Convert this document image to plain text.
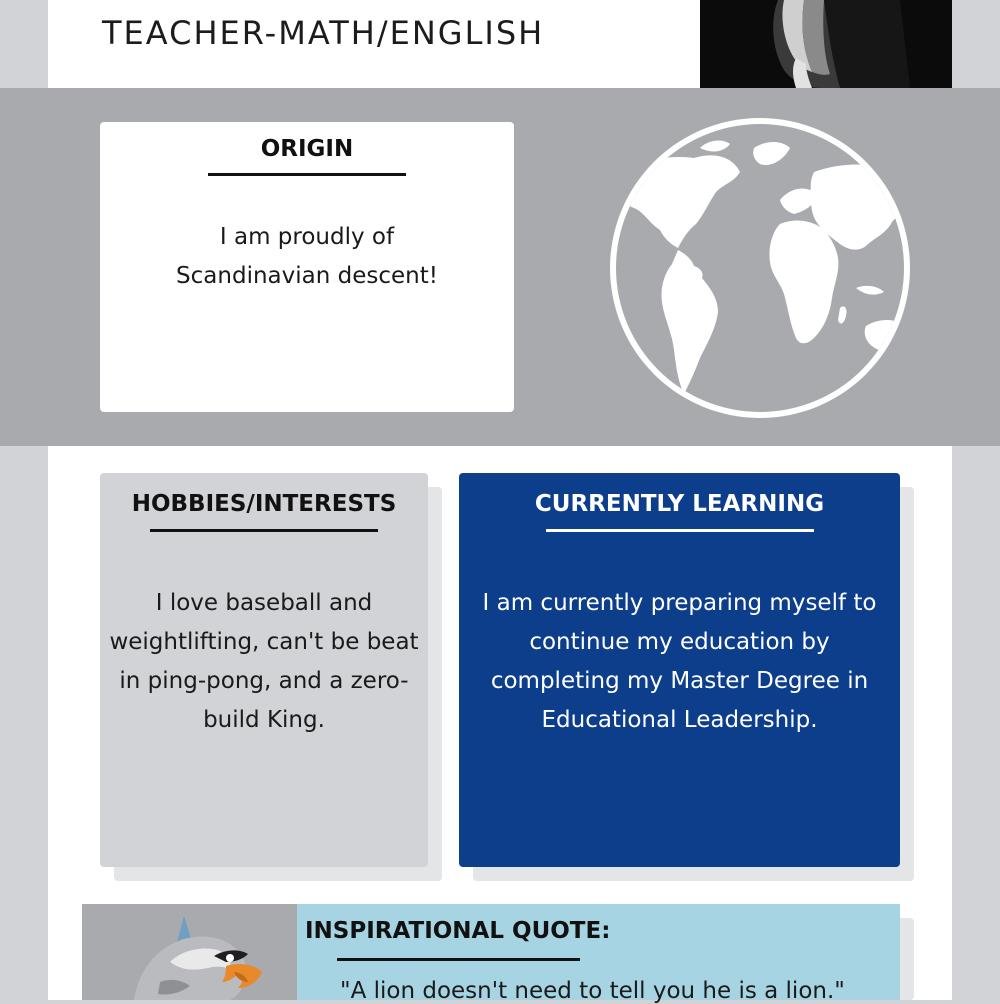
TEACHER-MATH/ENGLISH
ORIGIN
I am proudly of Scandinavian descent!
HOBBIES/INTERESTS
I love baseball and weightlifting, can't be beat in ping-pong, and a zero-build King.
CURRENTLY LEARNING
I am currently preparing myself to continue my education by completing my Master Degree in Educational Leadership.
INSPIRATIONAL QUOTE:
"A lion doesn't need to tell you he is a lion."
